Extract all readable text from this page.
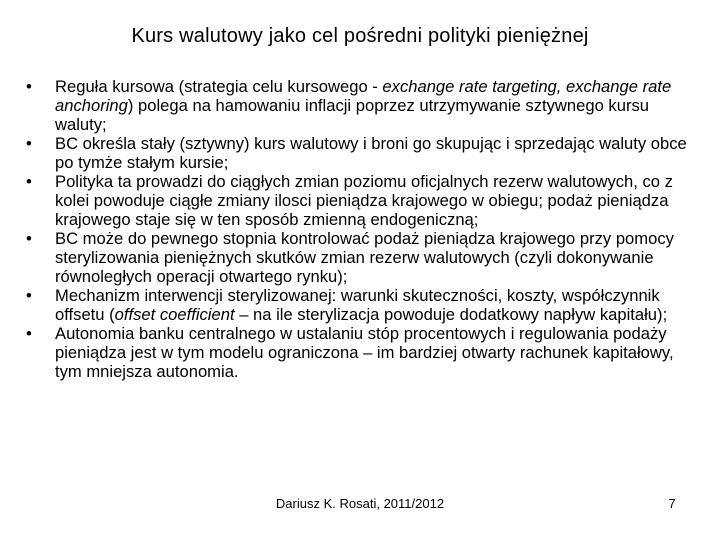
Kurs walutowy jako cel pośredni polityki pieniężnej
•	Reguła kursowa (strategia celu kursowego - exchange rate targeting, exchange rate anchoring) polega na hamowaniu inflacji poprzez utrzymywanie sztywnego kursu waluty;
•	BC określa stały (sztywny) kurs walutowy i broni go skupując i sprzedając waluty obce po tymże stałym kursie;
•	Polityka ta prowadzi do ciągłych zmian poziomu oficjalnych rezerw walutowych, co z kolei powoduje ciągłe zmiany ilosci pieniądza krajowego w obiegu; podaż pieniądza krajowego staje się w ten sposób zmienną endogeniczną;
•	BC może do pewnego stopnia kontrolować podaż pieniądza krajowego przy pomocy sterylizowania pieniężnych skutków zmian rezerw walutowych (czyli dokonywanie równoległych operacji otwartego rynku);
•	Mechanizm interwencji sterylizowanej: warunki skuteczności, koszty, współczynnik offsetu (offset coefficient – na ile sterylizacja powoduje dodatkowy napływ kapitału);
•	Autonomia banku centralnego w ustalaniu stóp procentowych i regulowania podaży pieniądza jest w tym modelu ograniczona – im bardziej otwarty rachunek kapitałowy, tym mniejsza autonomia.
Dariusz K. Rosati, 2011/2012	7
